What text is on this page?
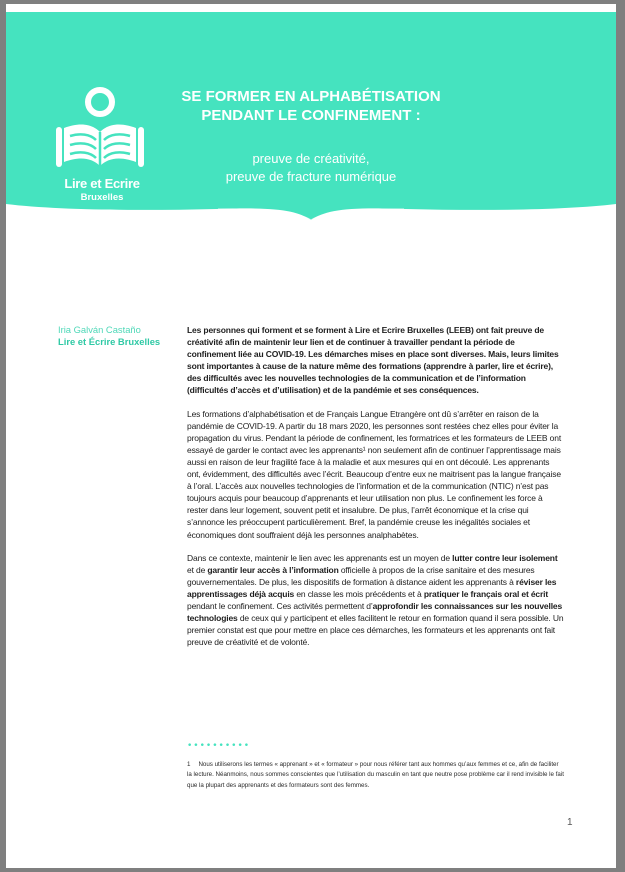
Lire et Ecrire
Bruxelles
SE FORMER EN ALPHABÉTISATION
PENDANT LE CONFINEMENT :
preuve de créativité,
preuve de fracture numérique
Iria Galván Castaño
Lire et Écrire Bruxelles

Les personnes qui forment et se forment à Lire et Ecrire Bruxelles (LEEB) ont fait preuve de créativité afin de maintenir leur lien et de continuer à travailler pendant la période de confinement liée au COVID-19. Les démarches mises en place sont diverses. Mais, leurs limites sont importantes à cause de la nature même des formations (apprendre à parler, lire et écrire), des difficultés avec les nouvelles technologies de la communication et de l’information (difficultés d’accès et d’utilisation) et de la pandémie et ses conséquences.

Les formations d’alphabétisation et de Français Langue Etrangère ont dû s’arrêter en raison de la pandémie de COVID-19. A partir du 18 mars 2020, les personnes sont restées chez elles pour éviter la propagation du virus. Pendant la période de confinement, les formatrices et les formateurs de LEEB ont essayé de garder le contact avec les apprenants¹ non seulement afin de continuer l’apprentissage mais aussi en raison de leur fragilité face à la maladie et aux mesures qui en ont découlé. Les apprenants ont, évidemment, des difficultés avec l’écrit. Beaucoup d’entre eux ne maitrisent pas la langue française à l’oral. L’accès aux nouvelles technologies de l’information et de la communication (NTIC) n’est pas toujours acquis pour beaucoup d’apprenants et leur utilisation non plus. Le confinement les force à rester dans leur logement, souvent petit et insalubre. De plus, l’arrêt économique et la crise qui s’annonce les préoccupent particulièrement. Bref, la pandémie creuse les inégalités sociales et économiques dont souffraient déjà les personnes analphabètes.

Dans ce contexte, maintenir le lien avec les apprenants est un moyen de lutter contre leur isolement et de garantir leur accès à l’information officielle à propos de la crise sanitaire et des mesures gouvernementales. De plus, les dispositifs de formation à distance aident les apprenants à réviser les apprentissages déjà acquis en classe les mois précédents et à pratiquer le français oral et écrit pendant le confinement. Ces activités permettent d’approfondir les connaissances sur les nouvelles technologies de ceux qui y participent et elles facilitent le retour en formation quand il sera possible. Un premier constat est que pour mettre en place ces démarches, les formateurs et les apprenants ont fait preuve de créativité et de volonté.

••••••••••
1 Nous utiliserons les termes « apprenant » et « formateur » pour nous référer tant aux hommes qu’aux femmes et ce, afin de faciliter la lecture. Néanmoins, nous sommes conscientes que l’utilisation du masculin en tant que neutre pose problème car il rend invisible le fait que la plupart des apprenants et des formateurs sont des femmes.
1
